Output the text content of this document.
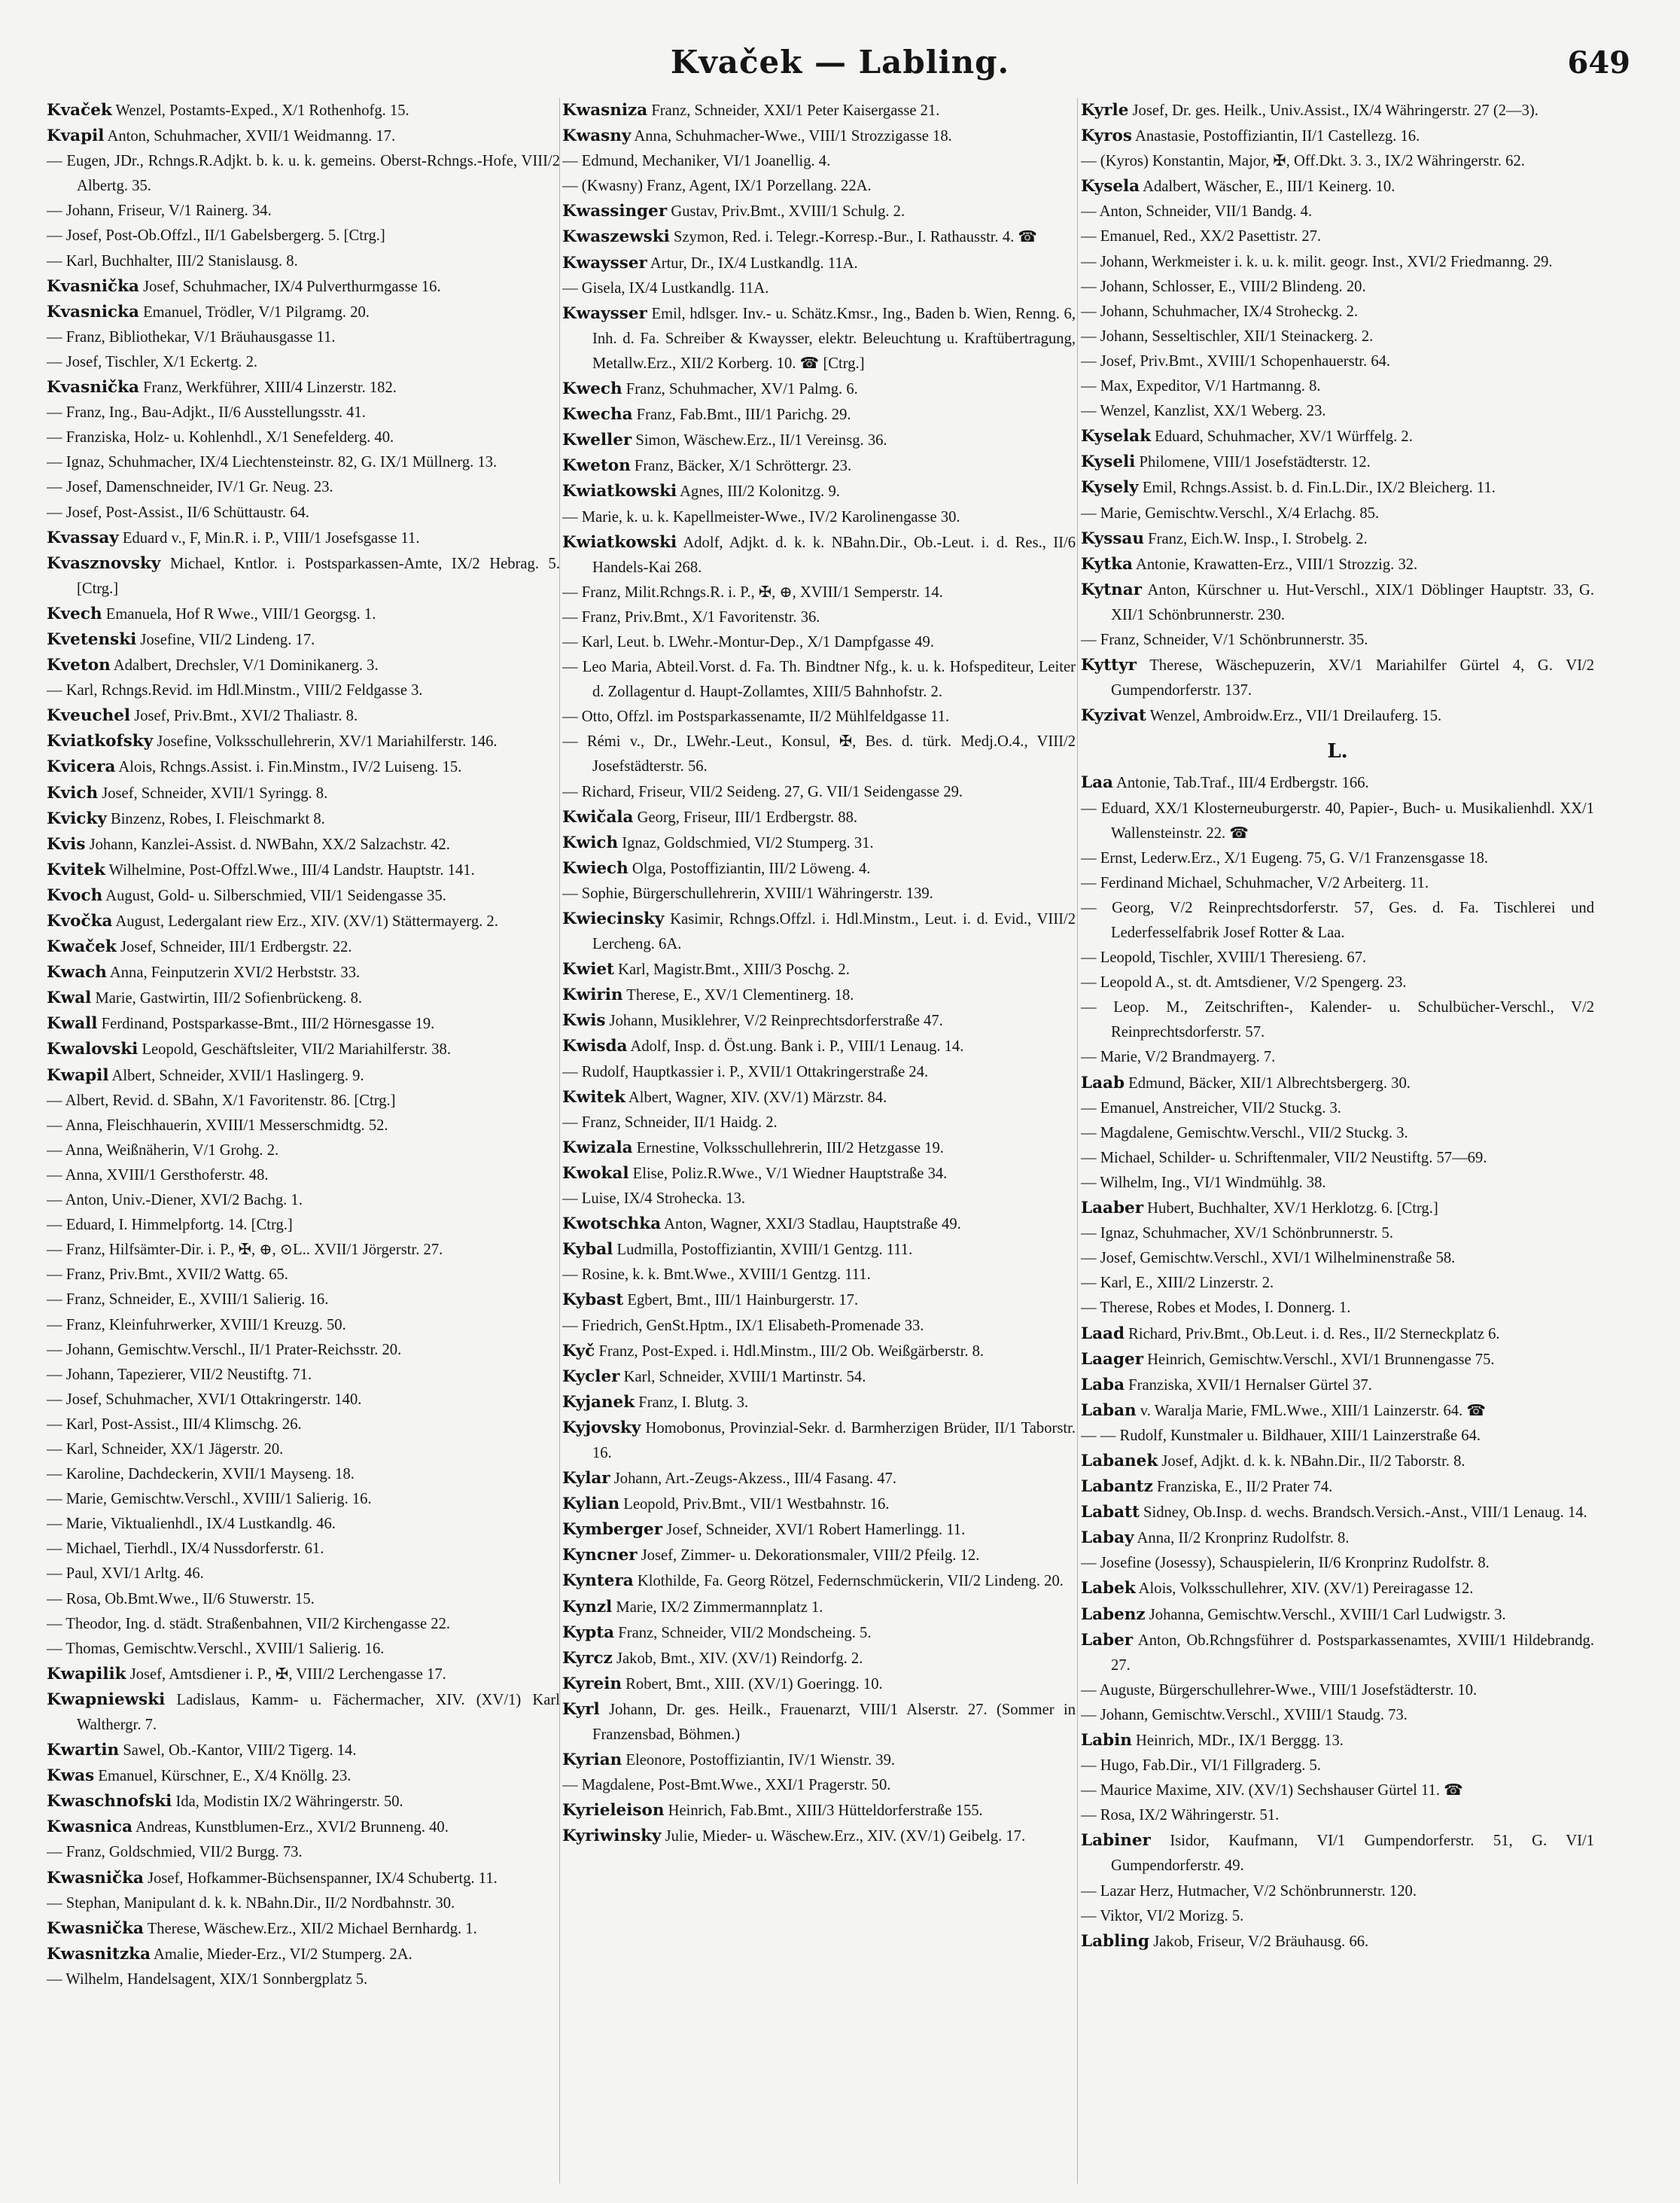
Kvaček — Labling.	649
Kvaček Wenzel, Postamts-Exped., X/1 Rothenhofg. 15.
Kvapil Anton, Schuhmacher, XVII/1 Weidmanng. 17.
— Eugen, JDr., Rchngs.R.Adjkt. b. k. u. k. gemeins. Oberst-Rchngs.-Hofe, VIII/2 Albertg. 35.
— Johann, Friseur, V/1 Rainerg. 34.
— Josef, Post-Ob.Offzl., II/1 Gabelsbergerg. 5. [Ctrg.]
— Karl, Buchhalter, III/2 Stanislausg. 8.
Kvasnička Josef, Schuhmacher, IX/4 Pulverthurmgasse 16.
Kvasnicka Emanuel, Trödler, V/1 Pilgramg. 20.
— Franz, Bibliothekar, V/1 Bräuhausgasse 11.
— Josef, Tischler, X/1 Eckertg. 2.
Kvasnička Franz, Werkführer, XIII/4 Linzerstr. 182.
— Franz, Ing., Bau-Adjkt., II/6 Ausstellungsstr. 41.
— Franziska, Holz- u. Kohlenhdl., X/1 Senefelderg. 40.
— Ignaz, Schuhmacher, IX/4 Liechtensteinstr. 82, G. IX/1 Müllnerg. 13.
— Josef, Damenschneider, IV/1 Gr. Neug. 23.
— Josef, Post-Assist., II/6 Schüttaustr. 64.
Kvassay Eduard v., F, Min.R. i. P., VIII/1 Josefsgasse 11.
Kvasznovsky Michael, Kntlor. i. Postsparkassen-Amte, IX/2 Hebrag. 5. [Ctrg.]
Kvech Emanuela, Hof R Wwe., VIII/1 Georgsg. 1.
Kvetenski Josefine, VII/2 Lindeng. 17.
Kveton Adalbert, Drechsler, V/1 Dominikanerg. 3.
— Karl, Rchngs.Revid. im Hdl.Minstm., VIII/2 Feldgasse 3.
Kveuchel Josef, Priv.Bmt., XVI/2 Thaliastr. 8.
Kviatkofsky Josefine, Volksschullehrerin, XV/1 Mariahilferstr. 146.
Kvicera Alois, Rchngs.Assist. i. Fin.Minstm., IV/2 Luiseng. 15.
Kvich Josef, Schneider, XVII/1 Syringg. 8.
Kvicky Binzenz, Robes, I. Fleischmarkt 8.
Kvis Johann, Kanzlei-Assist. d. NWBahn, XX/2 Salzachstr. 42.
Kvitek Wilhelmine, Post-Offzl.Wwe., III/4 Landstr. Hauptstr. 141.
Kvoch August, Gold- u. Silberschmied, VII/1 Seidengasse 35.
Kvočka August, Ledergalant riew Erz., XIV. (XV/1) Stättermayerg. 2.
Kwaček Josef, Schneider, III/1 Erdbergstr. 22.
Kwach Anna, Feinputzerin XVI/2 Herbststr. 33.
Kwal Marie, Gastwirtin, III/2 Sofienbrückeng. 8.
Kwall Ferdinand, Postsparkasse-Bmt., III/2 Hörnesgasse 19.
Kwalovski Leopold, Geschäftsleiter, VII/2 Mariahilferstr. 38.
Kwapil Albert, Schneider, XVII/1 Haslingerg. 9.
— Albert, Revid. d. SBahn, X/1 Favoritenstr. 86. [Ctrg.]
— Anna, Fleischhauerin, XVIII/1 Messerschmidtg. 52.
— Anna, Weißnäherin, V/1 Grohg. 2.
— Anna, XVIII/1 Gersthoferstr. 48.
— Anton, Univ.-Diener, XVI/2 Bachg. 1.
— Eduard, I. Himmelpfortg. 14. [Ctrg.]
— Franz, Hilfsämter-Dir. i. P., ✠, ⊕, ⊙L.. XVII/1 Jörgerstr. 27.
— Franz, Priv.Bmt., XVII/2 Wattg. 65.
— Franz, Schneider, E., XVIII/1 Salierig. 16.
— Franz, Kleinfuhrwerker, XVIII/1 Kreuzg. 50.
— Johann, Gemischtw.Verschl., II/1 Prater-Reichsstr. 20.
— Johann, Tapezierer, VII/2 Neustiftg. 71.
— Josef, Schuhmacher, XVI/1 Ottakringerstr. 140.
— Karl, Post-Assist., III/4 Klimschg. 26.
— Karl, Schneider, XX/1 Jägerstr. 20.
— Karoline, Dachdeckerin, XVII/1 Mayseng. 18.
— Marie, Gemischtw.Verschl., XVIII/1 Salierig. 16.
— Marie, Viktualienhdl., IX/4 Lustkandlg. 46.
— Michael, Tierhdl., IX/4 Nussdorferstr. 61.
— Paul, XVI/1 Arltg. 46.
— Rosa, Ob.Bmt.Wwe., II/6 Stuwerstr. 15.
— Theodor, Ing. d. städt. Straßenbahnen, VII/2 Kirchengasse 22.
— Thomas, Gemischtw.Verschl., XVIII/1 Salierig. 16.
Kwapilik Josef, Amtsdiener i. P., ✠, VIII/2 Lerchengasse 17.
Kwapniewski Ladislaus, Kamm- u. Fächermacher, XIV. (XV/1) Karl Walthergr. 7.
Kwartin Sawel, Ob.-Kantor, VIII/2 Tigerg. 14.
Kwas Emanuel, Kürschner, E., X/4 Knöllg. 23.
Kwaschnofski Ida, Modistin IX/2 Währingerstr. 50.
Kwasnica Andreas, Kunstblumen-Erz., XVI/2 Brunneng. 40.
— Franz, Goldschmied, VII/2 Burgg. 73.
Kwasnička Josef, Hofkammer-Büchsenspanner, IX/4 Schubertg. 11.
— Stephan, Manipulant d. k. k. NBahn.Dir., II/2 Nordbahnstr. 30.
Kwasnička Therese, Wäschew.Erz., XII/2 Michael Bernhardg. 1.
Kwasnitzka Amalie, Mieder-Erz., VI/2 Stumperg. 2A.
— Wilhelm, Handelsagent, XIX/1 Sonnbergplatz 5.
Kwasniza Franz, Schneider, XXI/1 Peter Kaisergasse 21.
Kwasny Anna, Schuhmacher-Wwe., VIII/1 Strozzigasse 18.
— Edmund, Mechaniker, VI/1 Joanellig. 4.
— (Kwasny) Franz, Agent, IX/1 Porzellang. 22A.
Kwassinger Gustav, Priv.Bmt., XVIII/1 Schulg. 2.
Kwaszewski Szymon, Red. i. Telegr.-Korresp.-Bur., I. Rathausstr. 4. ☎
Kwaysser Artur, Dr., IX/4 Lustkandlg. 11A.
— Gisela, IX/4 Lustkandlg. 11A.
Kwaysser Emil, hdlsger. Inv.- u. Schätz.Kmsr., Ing., Baden b. Wien, Renng. 6, Inh. d. Fa. Schreiber & Kwaysser, elektr. Beleuchtung u. Kraftübertragung, Metallw.Erz., XII/2 Korberg. 10. ☎ [Ctrg.]
Kwech Franz, Schuhmacher, XV/1 Palmg. 6.
Kwecha Franz, Fab.Bmt., III/1 Parichg. 29.
Kweller Simon, Wäschew.Erz., II/1 Vereinsg. 36.
Kweton Franz, Bäcker, X/1 Schröttergr. 23.
Kwiatkowski Agnes, III/2 Kolonitzg. 9.
— Marie, k. u. k. Kapellmeister-Wwe., IV/2 Karolinengasse 30.
Kwiatkowski Adolf, Adjkt. d. k. k. NBahn.Dir., Ob.-Leut. i. d. Res., II/6 Handels-Kai 268.
— Franz, Milit.Rchngs.R. i. P., ✠, ⊕, XVIII/1 Semperstr. 14.
— Franz, Priv.Bmt., X/1 Favoritenstr. 36.
— Karl, Leut. b. LWehr.-Montur-Dep., X/1 Dampfgasse 49.
— Leo Maria, Abteil.Vorst. d. Fa. Th. Bindtner Nfg., k. u. k. Hofspediteur, Leiter d. Zollagentur d. Haupt-Zollamtes, XIII/5 Bahnhofstr. 2.
— Otto, Offzl. im Postsparkassenamte, II/2 Mühlfeldgasse 11.
— Rémi v., Dr., LWehr.-Leut., Konsul, ✠, Bes. d. türk. Medj.O.4., VIII/2 Josefstädterstr. 56.
— Richard, Friseur, VII/2 Seideng. 27, G. VII/1 Seidengasse 29.
Kwičala Georg, Friseur, III/1 Erdbergstr. 88.
Kwich Ignaz, Goldschmied, VI/2 Stumperg. 31.
Kwiech Olga, Postoffiziantin, III/2 Löweng. 4.
— Sophie, Bürgerschullehrerin, XVIII/1 Währingerstr. 139.
Kwiecinsky Kasimir, Rchngs.Offzl. i. Hdl.Minstm., Leut. i. d. Evid., VIII/2 Lercheng. 6A.
Kwiet Karl, Magistr.Bmt., XIII/3 Poschg. 2.
Kwirin Therese, E., XV/1 Clementinerg. 18.
Kwis Johann, Musiklehrer, V/2 Reinprechtsdorferstraße 47.
Kwisda Adolf, Insp. d. Öst.ung. Bank i. P., VIII/1 Lenaug. 14.
— Rudolf, Hauptkassier i. P., XVII/1 Ottakringerstraße 24.
Kwitek Albert, Wagner, XIV. (XV/1) Märzstr. 84.
— Franz, Schneider, II/1 Haidg. 2.
Kwizala Ernestine, Volksschullehrerin, III/2 Hetzgasse 19.
Kwokal Elise, Poliz.R.Wwe., V/1 Wiedner Hauptstraße 34.
— Luise, IX/4 Strohecka. 13.
Kwotschka Anton, Wagner, XXI/3 Stadlau, Hauptstraße 49.
Kybal Ludmilla, Postoffiziantin, XVIII/1 Gentzg. 111.
— Rosine, k. k. Bmt.Wwe., XVIII/1 Gentzg. 111.
Kybast Egbert, Bmt., III/1 Hainburgerstr. 17.
— Friedrich, GenSt.Hptm., IX/1 Elisabeth-Promenade 33.
Kyč Franz, Post-Exped. i. Hdl.Minstm., III/2 Ob. Weißgärberstr. 8.
Kycler Karl, Schneider, XVIII/1 Martinstr. 54.
Kyjanek Franz, I. Blutg. 3.
Kyjovsky Homobonus, Provinzial-Sekr. d. Barmherzigen Brüder, II/1 Taborstr. 16.
Kylar Johann, Art.-Zeugs-Akzess., III/4 Fasang. 47.
Kylian Leopold, Priv.Bmt., VII/1 Westbahnstr. 16.
Kymberger Josef, Schneider, XVI/1 Robert Hamerlingg. 11.
Kyncner Josef, Zimmer- u. Dekorationsmaler, VIII/2 Pfeilg. 12.
Kyntera Klothilde, Fa. Georg Rötzel, Federnschmückerin, VII/2 Lindeng. 20.
Kynzl Marie, IX/2 Zimmermannplatz 1.
Kypta Franz, Schneider, VII/2 Mondscheing. 5.
Kyrcz Jakob, Bmt., XIV. (XV/1) Reindorfg. 2.
Kyrein Robert, Bmt., XIII. (XV/1) Goeringg. 10.
Kyrl Johann, Dr. ges. Heilk., Frauenarzt, VIII/1 Alserstr. 27. (Sommer in Franzensbad, Böhmen.)
Kyrian Eleonore, Postoffiziantin, IV/1 Wienstr. 39.
— Magdalene, Post-Bmt.Wwe., XXI/1 Pragerstr. 50.
Kyrieleison Heinrich, Fab.Bmt., XIII/3 Hütteldorferstraße 155.
Kyriwinsky Julie, Mieder- u. Wäschew.Erz., XIV. (XV/1) Geibelg. 17.
Kyrle Josef, Dr. ges. Heilk., Univ.Assist., IX/4 Währingerstr. 27 (2—3).
Kyros Anastasie, Postoffiziantin, II/1 Castellezg. 16.
— (Kyros) Konstantin, Major, ✠, Off.Dkt. 3. 3., IX/2 Währingerstr. 62.
Kysela Adalbert, Wäscher, E., III/1 Keinerg. 10.
— Anton, Schneider, VII/1 Bandg. 4.
— Emanuel, Red., XX/2 Pasettistr. 27.
— Johann, Werkmeister i. k. u. k. milit. geogr. Inst., XVI/2 Friedmanng. 29.
— Johann, Schlosser, E., VIII/2 Blindeng. 20.
— Johann, Schuhmacher, IX/4 Stroheckg. 2.
— Johann, Sesseltischler, XII/1 Steinackerg. 2.
— Josef, Priv.Bmt., XVIII/1 Schopenhauerstr. 64.
— Max, Expeditor, V/1 Hartmanng. 8.
— Wenzel, Kanzlist, XX/1 Weberg. 23.
Kyselak Eduard, Schuhmacher, XV/1 Würffelg. 2.
Kyseli Philomene, VIII/1 Josefstädterstr. 12.
Kysely Emil, Rchngs.Assist. b. d. Fin.L.Dir., IX/2 Bleicherg. 11.
— Marie, Gemischtw.Verschl., X/4 Erlachg. 85.
Kyssau Franz, Eich.W. Insp., I. Strobelg. 2.
Kytka Antonie, Krawatten-Erz., VIII/1 Strozzig. 32.
Kytnar Anton, Kürschner u. Hut-Verschl., XIX/1 Döblinger Hauptstr. 33, G. XII/1 Schönbrunnerstr. 230.
— Franz, Schneider, V/1 Schönbrunnerstr. 35.
Kyttyr Therese, Wäschepuzerin, XV/1 Mariahilfer Gürtel 4, G. VI/2 Gumpendorferstr. 137.
Kyzivat Wenzel, Ambroidw.Erz., VII/1 Dreilauferg. 15.
L.
Laa Antonie, Tab.Traf., III/4 Erdbergstr. 166.
— Eduard, XX/1 Klosterneuburgerstr. 40, Papier-, Buch- u. Musikalienhdl. XX/1 Wallensteinstr. 22. ☎
— Ernst, Lederw.Erz., X/1 Eugeng. 75, G. V/1 Franzensgasse 18.
— Ferdinand Michael, Schuhmacher, V/2 Arbeiterg. 11.
— Georg, V/2 Reinprechtsdorferstr. 57, Ges. d. Fa. Tischlerei und Lederfesselfabrik Josef Rotter & Laa.
— Leopold, Tischler, XVIII/1 Theresieng. 67.
— Leopold A., st. dt. Amtsdiener, V/2 Spengerg. 23.
— Leop. M., Zeitschriften-, Kalender- u. Schulbücher-Verschl., V/2 Reinprechtsdorferstr. 57.
— Marie, V/2 Brandmayerg. 7.
Laab Edmund, Bäcker, XII/1 Albrechtsbergerg. 30.
— Emanuel, Anstreicher, VII/2 Stuckg. 3.
— Magdalene, Gemischtw.Verschl., VII/2 Stuckg. 3.
— Michael, Schilder- u. Schriftenmaler, VII/2 Neustiftg. 57—69.
— Wilhelm, Ing., VI/1 Windmühlg. 38.
Laaber Hubert, Buchhalter, XV/1 Herklotzg. 6. [Ctrg.]
— Ignaz, Schuhmacher, XV/1 Schönbrunnerstr. 5.
— Josef, Gemischtw.Verschl., XVI/1 Wilhelminenstraße 58.
— Karl, E., XIII/2 Linzerstr. 2.
— Therese, Robes et Modes, I. Donnerg. 1.
Laad Richard, Priv.Bmt., Ob.Leut. i. d. Res., II/2 Sterneckplatz 6.
Laager Heinrich, Gemischtw.Verschl., XVI/1 Brunnengasse 75.
Laba Franziska, XVII/1 Hernalser Gürtel 37.
Laban v. Waralja Marie, FML.Wwe., XIII/1 Lainzerstr. 64. ☎
— — Rudolf, Kunstmaler u. Bildhauer, XIII/1 Lainzerstraße 64.
Labanek Josef, Adjkt. d. k. k. NBahn.Dir., II/2 Taborstr. 8.
Labantz Franziska, E., II/2 Prater 74.
Labatt Sidney, Ob.Insp. d. wechs. Brandsch.Versich.-Anst., VIII/1 Lenaug. 14.
Labay Anna, II/2 Kronprinz Rudolfstr. 8.
— Josefine (Josessy), Schauspielerin, II/6 Kronprinz Rudolfstr. 8.
Labek Alois, Volksschullehrer, XIV. (XV/1) Pereiragasse 12.
Labenz Johanna, Gemischtw.Verschl., XVIII/1 Carl Ludwigstr. 3.
Laber Anton, Ob.Rchngsführer d. Postsparkassenamtes, XVIII/1 Hildebrandg. 27.
— Auguste, Bürgerschullehrer-Wwe., VIII/1 Josefstädterstr. 10.
— Johann, Gemischtw.Verschl., XVIII/1 Staudg. 73.
Labin Heinrich, MDr., IX/1 Berggg. 13.
— Hugo, Fab.Dir., VI/1 Fillgraderg. 5.
— Maurice Maxime, XIV. (XV/1) Sechshauser Gürtel 11. ☎
— Rosa, IX/2 Währingerstr. 51.
Labiner Isidor, Kaufmann, VI/1 Gumpendorferstr. 51, G. VI/1 Gumpendorferstr. 49.
— Lazar Herz, Hutmacher, V/2 Schönbrunnerstr. 120.
— Viktor, VI/2 Morizg. 5.
Labling Jakob, Friseur, V/2 Bräuhausg. 66.
